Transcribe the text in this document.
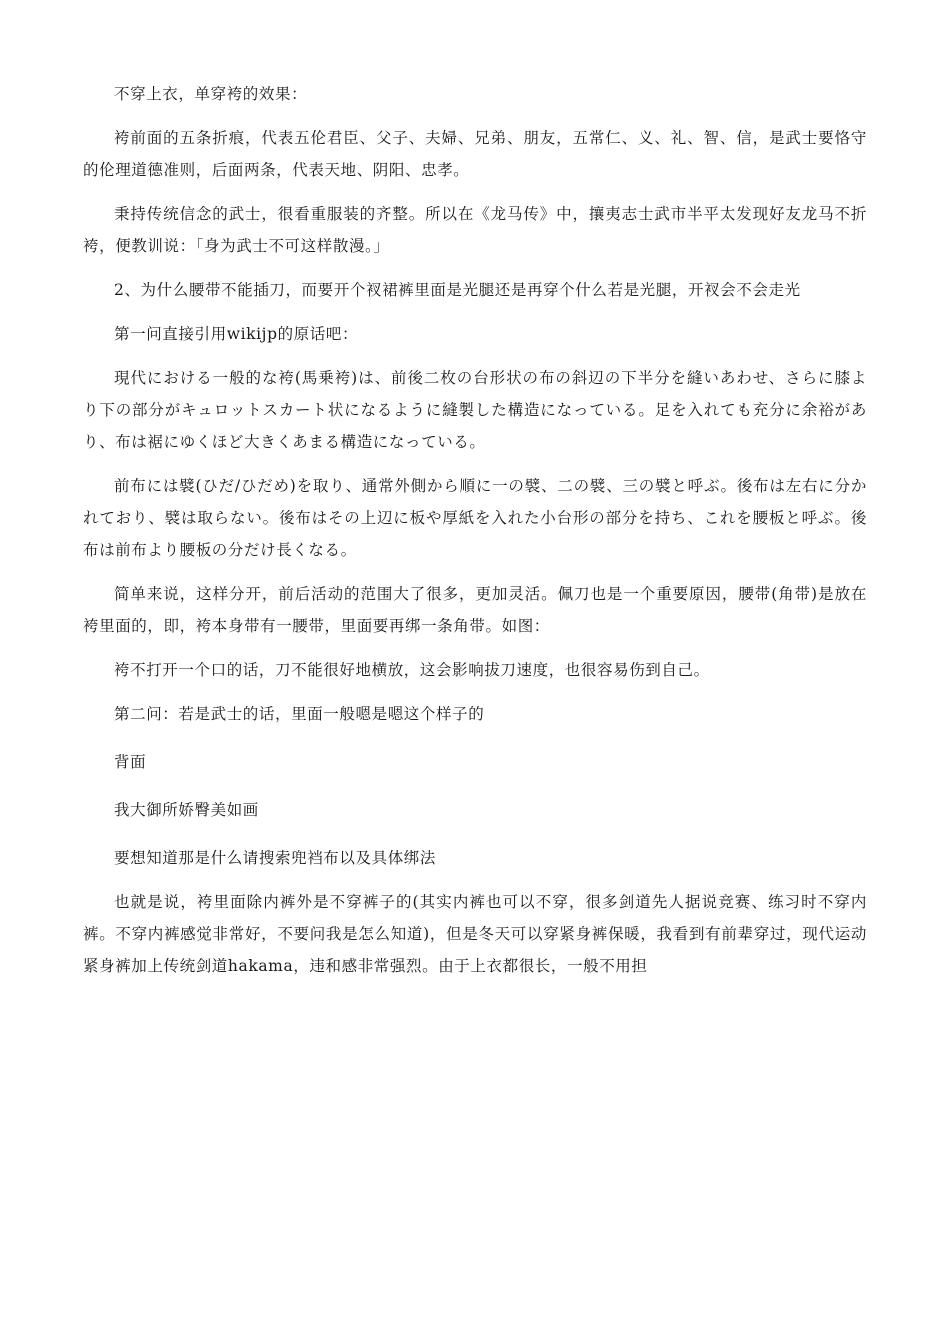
不穿上衣，单穿袴的效果：

袴前面的五条折痕，代表五伦君臣、父子、夫婦、兄弟、朋友，五常仁、义、礼、智、信，是武士要恪守的伦理道德准则，后面两条，代表天地、阴阳、忠孝。

秉持传统信念的武士，很看重服装的齐整。所以在《龙马传》中，攘夷志士武市半平太发现好友龙马不折袴，便教训说：「身为武士不可这样散漫。」

2、为什么腰带不能插刀，而要开个衩裙裤里面是光腿还是再穿个什么若是光腿，开衩会不会走光

第一问直接引用wikijp的原话吧：

現代における一般的な袴(馬乗袴)は、前後二枚の台形状の布の斜辺の下半分を縫いあわせ、さらに膝より下の部分がキュロットスカート状になるように縫製した構造になっている。足を入れても充分に余裕があり、布は裾にゆくほど大きくあまる構造になっている。

前布には襞(ひだ/ひだめ)を取り、通常外側から順に一の襞、二の襞、三の襞と呼ぶ。後布は左右に分かれており、襞は取らない。後布はその上辺に板や厚紙を入れた小台形の部分を持ち、これを腰板と呼ぶ。後布は前布より腰板の分だけ長くなる。

简单来说，这样分开，前后活动的范围大了很多，更加灵活。佩刀也是一个重要原因，腰带(角带)是放在袴里面的，即，袴本身带有一腰带，里面要再绑一条角带。如图：

袴不打开一个口的话，刀不能很好地横放，这会影响拔刀速度，也很容易伤到自己。

第二问：若是武士的话，里面一般嗯是嗯这个样子的

背面

我大御所娇臀美如画

要想知道那是什么请搜索兜裆布以及具体绑法

也就是说，袴里面除内裤外是不穿裤子的(其实内裤也可以不穿，很多剑道先人据说竞赛、练习时不穿内裤。不穿内裤感觉非常好，不要问我是怎么知道)，但是冬天可以穿紧身裤保暖，我看到有前辈穿过，现代运动紧身裤加上传统剑道hakama，违和感非常强烈。由于上衣都很长，一般不用担
